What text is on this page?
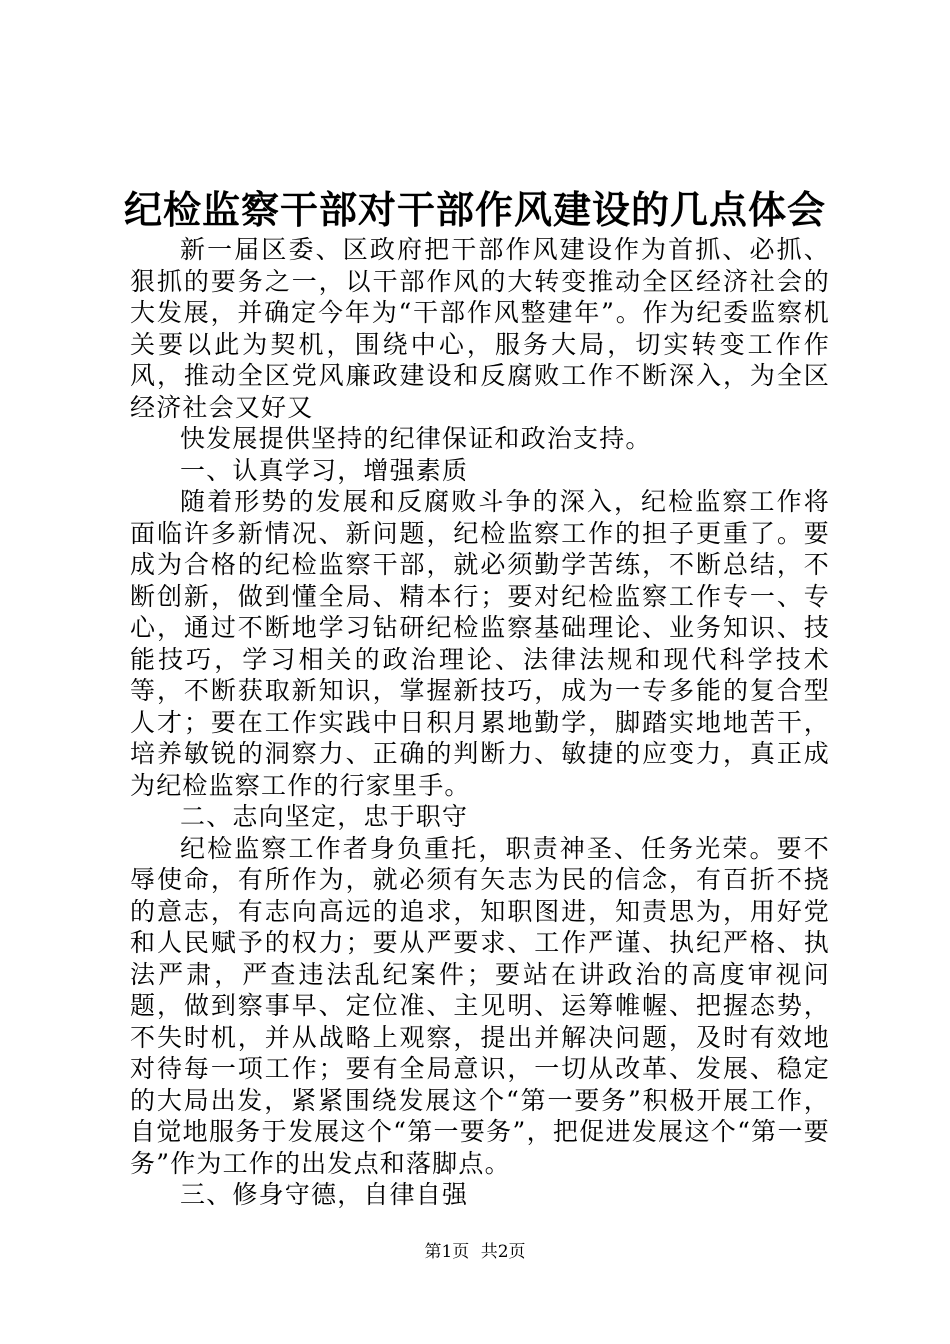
纪检监察干部对干部作风建设的几点体会

新一届区委、区政府把干部作风建设作为首抓、必抓、狠抓的要务之一，以干部作风的大转变推动全区经济社会的大发展，并确定今年为“干部作风整建年”。作为纪委监察机关要以此为契机，围绕中心，服务大局，切实转变工作作风，推动全区党风廉政建设和反腐败工作不断深入，为全区经济社会又好又

快发展提供坚持的纪律保证和政治支持。

一、认真学习，增强素质

随着形势的发展和反腐败斗争的深入，纪检监察工作将面临许多新情况、新问题，纪检监察工作的担子更重了。要成为合格的纪检监察干部，就必须勤学苦练，不断总结，不断创新，做到懂全局、精本行；要对纪检监察工作专一、专心，通过不断地学习钻研纪检监察基础理论、业务知识、技能技巧，学习相关的政治理论、法律法规和现代科学技术等，不断获取新知识，掌握新技巧，成为一专多能的复合型人才；要在工作实践中日积月累地勤学，脚踏实地地苦干，培养敏锐的洞察力、正确的判断力、敏捷的应变力，真正成为纪检监察工作的行家里手。

二、志向坚定，忠于职守

纪检监察工作者身负重托，职责神圣、任务光荣。要不辱使命，有所作为，就必须有矢志为民的信念，有百折不挠的意志，有志向高远的追求，知职图进，知责思为，用好党和人民赋予的权力；要从严要求、工作严谨、执纪严格、执法严肃，严查违法乱纪案件；要站在讲政治的高度审视问题，做到察事早、定位准、主见明、运筹帷幄、把握态势，不失时机，并从战略上观察，提出并解决问题，及时有效地对待每一项工作；要有全局意识，一切从改革、发展、稳定的大局出发，紧紧围绕发展这个“第一要务”积极开展工作，自觉地服务于发展这个“第一要务”，把促进发展这个“第一要务”作为工作的出发点和落脚点。

三、修身守德，自律自强

第1页 共2页
